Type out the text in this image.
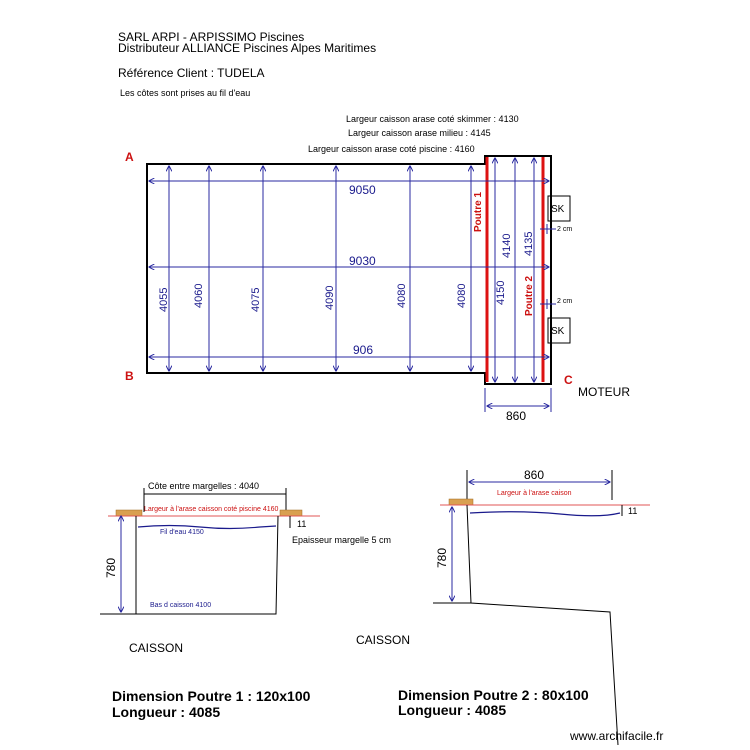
SARL ARPI - ARPISSIMO Piscines
Distributeur ALLIANCE Piscines Alpes Maritimes
Référence Client : TUDELA
Les côtes sont prises au fil d'eau
Largeur caisson arase coté skimmer : 4130
Largeur caisson arase milieu : 4145
Largeur caisson arase coté piscine : 4160
A
B	C
Poutre 1
Poutre 2
9050
9030
906
4055 4060	4075	4090	4080	4080 4150
4140 4135
SK
SK
2 cm
2 cm
860
MOTEUR
Côte entre margelles : 4040
Largeur à l'arase caisson coté piscine 4160
Fil d'eau 4150
11
Epaisseur margelle 5 cm
780
Bas d caisson 4100
CAISSON
860
Largeur à l'arase caison
11
780
CAISSON
Dimension Poutre 1 : 120x100
Longueur : 4085
Dimension Poutre 2 : 80x100
Longueur : 4085
www.archifacile.fr
